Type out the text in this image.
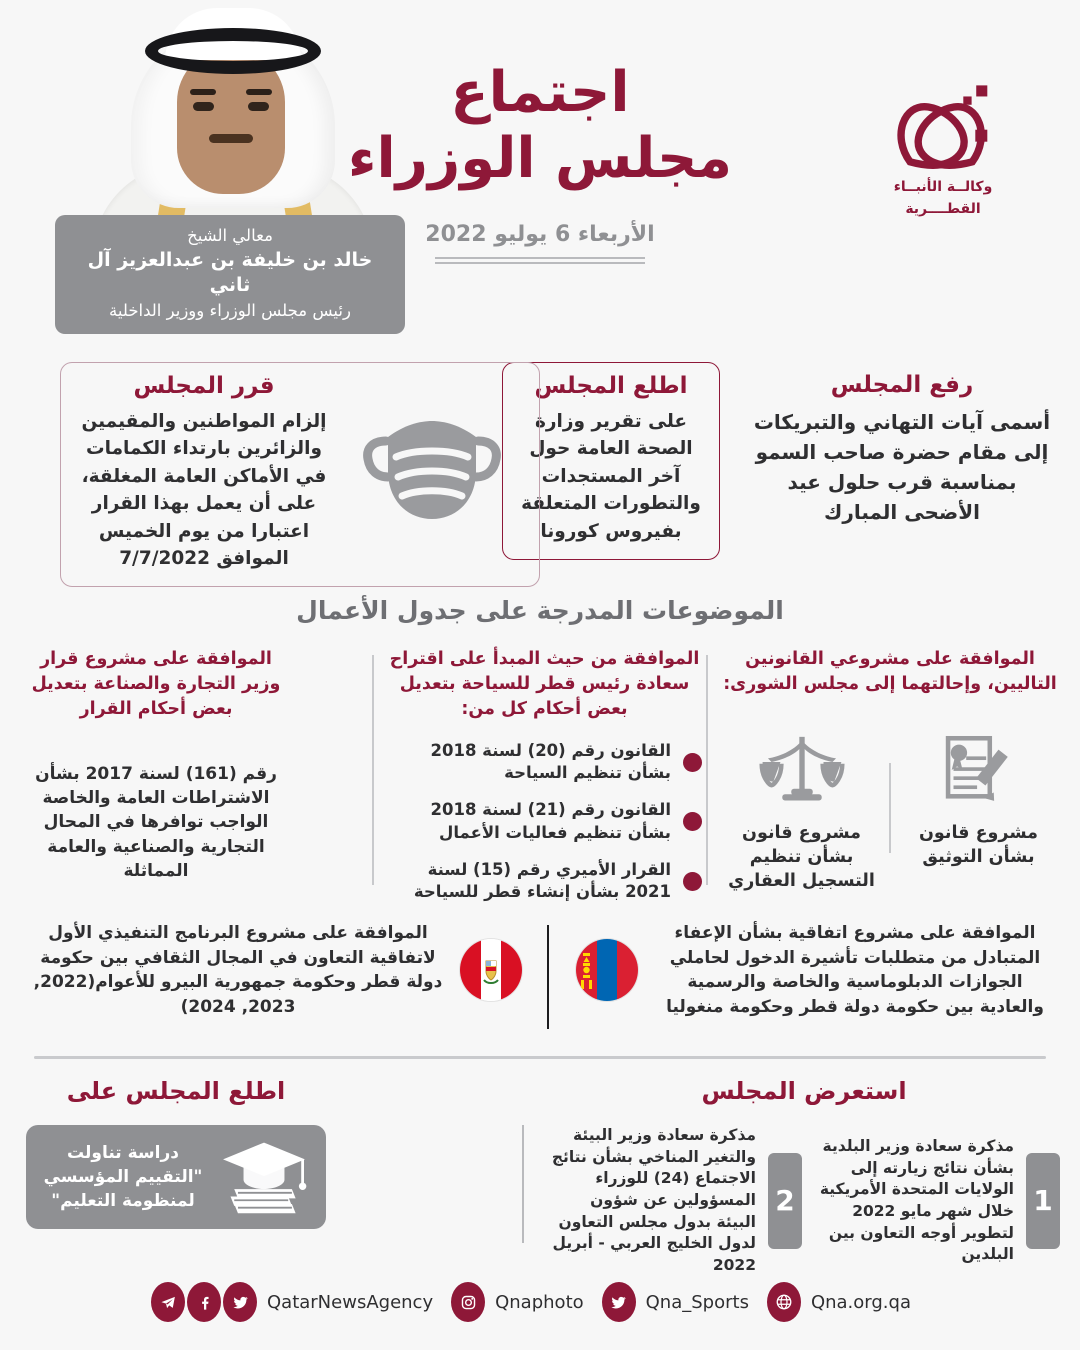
معالي الشيخ
خالد بن خليفة بن عبدالعزيز آل ثاني
رئيس مجلس الوزراء ووزير الداخلية
اجتماع
مجلس الوزراء
الأربعاء 6 يوليو 2022
وكالــة الأنبــاء
القطــــرية
رفع المجلس
أسمى آيات التهاني والتبريكات إلى مقام حضرة صاحب السمو بمناسبة قرب حلول عيد الأضحى المبارك
اطلع المجلس
على تقرير وزارة الصحة العامة حول آخر المستجدات والتطورات المتعلقة بفيروس كورونا
قرر المجلس
إلزام المواطنين والمقيمين والزائرين بارتداء الكمامات في الأماكن العامة المغلقة، على أن يعمل بهذا القرار اعتبارا من يوم الخميس الموافق 7/7/2022
الموضوعات المدرجة على جدول الأعمال
الموافقة على مشروعي القانونين التاليين، وإحالتهما إلى مجلس الشورى:
مشروع قانون بشأن التوثيق
مشروع قانون بشأن تنظيم التسجيل العقاري
الموافقة من حيث المبدأ على اقتراح سعادة رئيس قطر للسياحة بتعديل بعض أحكام كل من:
القانون رقم (20) لسنة 2018 بشأن تنظيم السياحة
القانون رقم (21) لسنة 2018 بشأن تنظيم فعاليات الأعمال
القرار الأميري رقم (15) لسنة 2021 بشأن إنشاء قطر للسياحة
الموافقة على مشروع قرار وزير التجارة والصناعة بتعديل بعض أحكام القرار
رقم (161) لسنة 2017 بشأن الاشتراطات العامة والخاصة الواجب توافرها في المحال التجارية والصناعية والعامة المماثلة
الموافقة على مشروع اتفاقية بشأن الإعفاء المتبادل من متطلبات تأشيرة الدخول لحاملي الجوازات الدبلوماسية والخاصة والرسمية والعادية بين حكومة دولة قطر وحكومة منغوليا
الموافقة على مشروع البرنامج التنفيذي الأول لاتفاقية التعاون في المجال الثقافي بين حكومة دولة قطر وحكومة جمهورية البيرو للأعوام(2022, 2023, 2024)
استعرض المجلس
1
مذكرة سعادة وزير البلدية بشأن نتائج زيارته إلى الولايات المتحدة الأمريكية خلال شهر مايو 2022 لتطوير أوجه التعاون بين البلدين
2
مذكرة سعادة وزير البيئة والتغير المناخي بشأن نتائج الاجتماع (24) للوزراء المسؤولين عن شؤون البيئة بدول مجلس التعاون لدول الخليج العربي - أبريل 2022
اطلع المجلس على
دراسة تناولت "التقييم المؤسسي لمنظومة التعليم"
QatarNewsAgency	Qnaphoto	Qna_Sports	Qna.org.qa
